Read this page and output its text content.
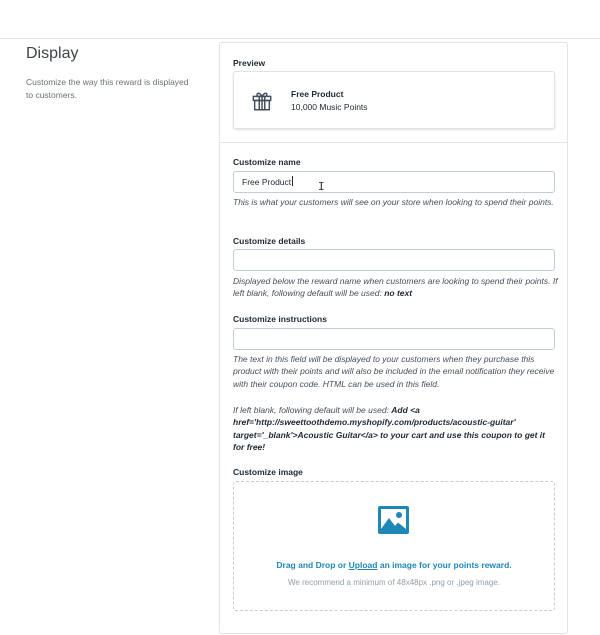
Display
Customize the way this reward is displayed to customers.
Preview
Free Product
10,000 Music Points
Customize name
Free Product I
This is what your customers will see on your store when looking to spend their points.
Customize details
Displayed below the reward name when customers are looking to spend their points. If left blank, following default will be used: no text
Customize instructions
The text in this field will be displayed to your customers when they purchase this product with their points and will also be included in the email notification they receive with their coupon code. HTML can be used in this field.
If left blank, following default will be used: Add <a href='http://sweettoothdemo.myshopify.com/products/acoustic-guitar' target='_blank'>Acoustic Guitar</a> to your cart and use this coupon to get it for free!
Customize image
Drag and Drop or Upload an image for your points reward.
We recommend a minimum of 48x48px .png or .jpeg image.
